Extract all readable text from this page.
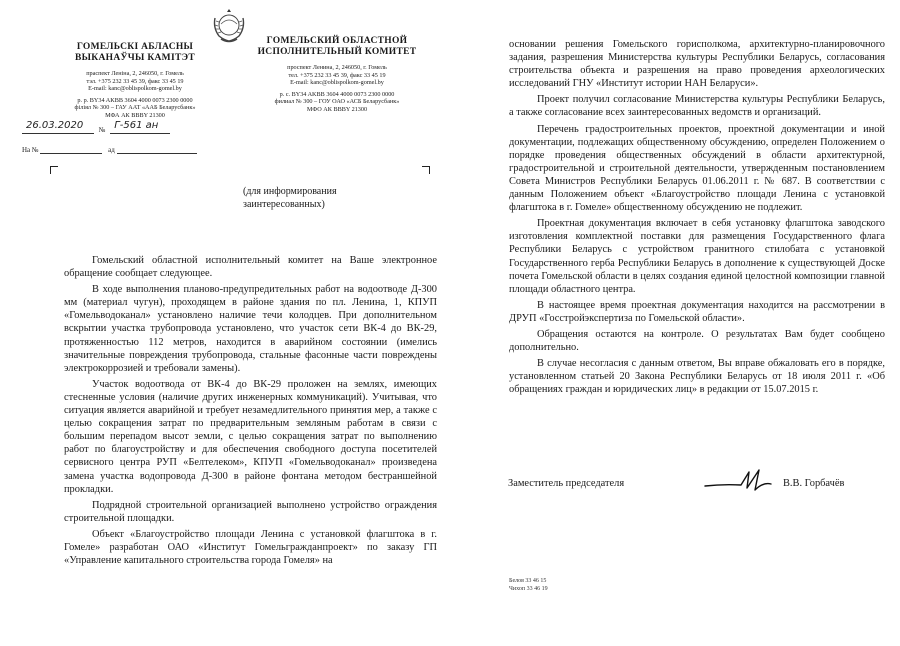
ГОМЕЛЬСКІ АБЛАСНЫ ВЫКАНАЎЧЫ КАМІТЭТ
праспект Леніна, 2, 246050, г. Гомель
тэл. +375 232 33 45 39, факс 33 45 19
E-mail: kanc@oblispolkom-gomel.by
р. р. BY34 AKBB 3604 4000 0073 2300 0000
філіял № 300 – ГАУ ААТ «ААБ Беларусбанк»
МФА АК BBBY 21300
ГОМЕЛЬСКИЙ ОБЛАСТНОЙ ИСПОЛНИТЕЛЬНЫЙ КОМИТЕТ
проспект Ленина, 2, 246050, г. Гомель
тел. +375 232 33 45 39, факс 33 45 19
E-mail: kanc@oblispolkom-gomel.by
р. с. BY34 AKBB 3604 4000 0073 2300 0000
филиал № 300 – ГОУ ОАО «АСБ Беларусбанк»
МФО АК BBBY 21300
26.03.2020 № Г-561 ан
На №	ад
(для информирования заинтересованных)

Гомельский областной исполнительный комитет на Ваше электронное обращение сообщает следующее.

В ходе выполнения планово-предупредительных работ на водоотводе Д-300 мм (материал чугун), проходящем в районе здания по пл. Ленина, 1, КПУП «Гомельводоканал» установлено наличие течи колодцев. При дополнительном вскрытии участка трубопровода установлено, что участок сети ВК-4 до ВК-29, протяженностью 112 метров, находится в аварийном состоянии (имелись значительные повреждения трубопровода, стальные фасонные части повреждены электрокоррозией и требовали замены).

Участок водоотвода от ВК-4 до ВК-29 проложен на землях, имеющих стесненные условия (наличие других инженерных коммуникаций). Учитывая, что ситуация является аварийной и требует незамедлительного принятия мер, а также с целью сокращения затрат по предварительным земляным работам в связи с большим перепадом высот земли, с целью сокращения затрат по выполнению работ по благоустройству и для обеспечения свободного доступа посетителей сервисного центра РУП «Белтелеком», КПУП «Гомельводоканал» произведена замена участка водопровода Д-300 в районе фонтана методом бестраншейной прокладки.

Подрядной строительной организацией выполнено устройство ограждения строительной площадки.

Объект «Благоустройство площади Ленина с установкой флагштока в г. Гомеле» разработан ОАО «Институт Гомельгражданпроект» по заказу ГП «Управление капитального строительства города Гомеля» на

основании решения Гомельского горисполкома, архитектурно-планировочного задания, разрешения Министерства культуры Республики Беларусь, согласования строительства объекта и разрешения на право проведения археологических исследований ГНУ «Институт истории НАН Беларуси».

Проект получил согласование Министерства культуры Республики Беларусь, а также согласование всех заинтересованных ведомств и организаций.

Перечень градостроительных проектов, проектной документации и иной документации, подлежащих общественному обсуждению, определен Положением о порядке проведения общественных обсуждений в области архитектурной, градостроительной и строительной деятельности, утвержденным постановлением Совета Министров Республики Беларусь 01.06.2011 г. № 687. В соответствии с данным Положением объект «Благоустройство площади Ленина с установкой флагштока в г. Гомеле» общественному обсуждению не подлежит.

Проектная документация включает в себя установку флагштока заводского изготовления комплектной поставки для размещения Государственного флага Республики Беларусь с устройством гранитного стилобата с установкой Государственного герба Республики Беларусь в дополнение к существующей Доске почета Гомельской области в целях создания единой целостной композиции главной площади областного центра.

В настоящее время проектная документация находится на рассмотрении в ДРУП «Госстройэкспертиза по Гомельской области».

Обращения остаются на контроле. О результатах Вам будет сообщено дополнительно.

В случае несогласия с данным ответом, Вы вправе обжаловать его в порядке, установленном статьей 20 Закона Республики Беларусь от 18 июля 2011 г. «Об обращениях граждан и юридических лиц» в редакции от 15.07.2015 г.

Заместитель председателя	В.В. Горбачёв
Белов 33 46 15
Чихоп 33 46 19
